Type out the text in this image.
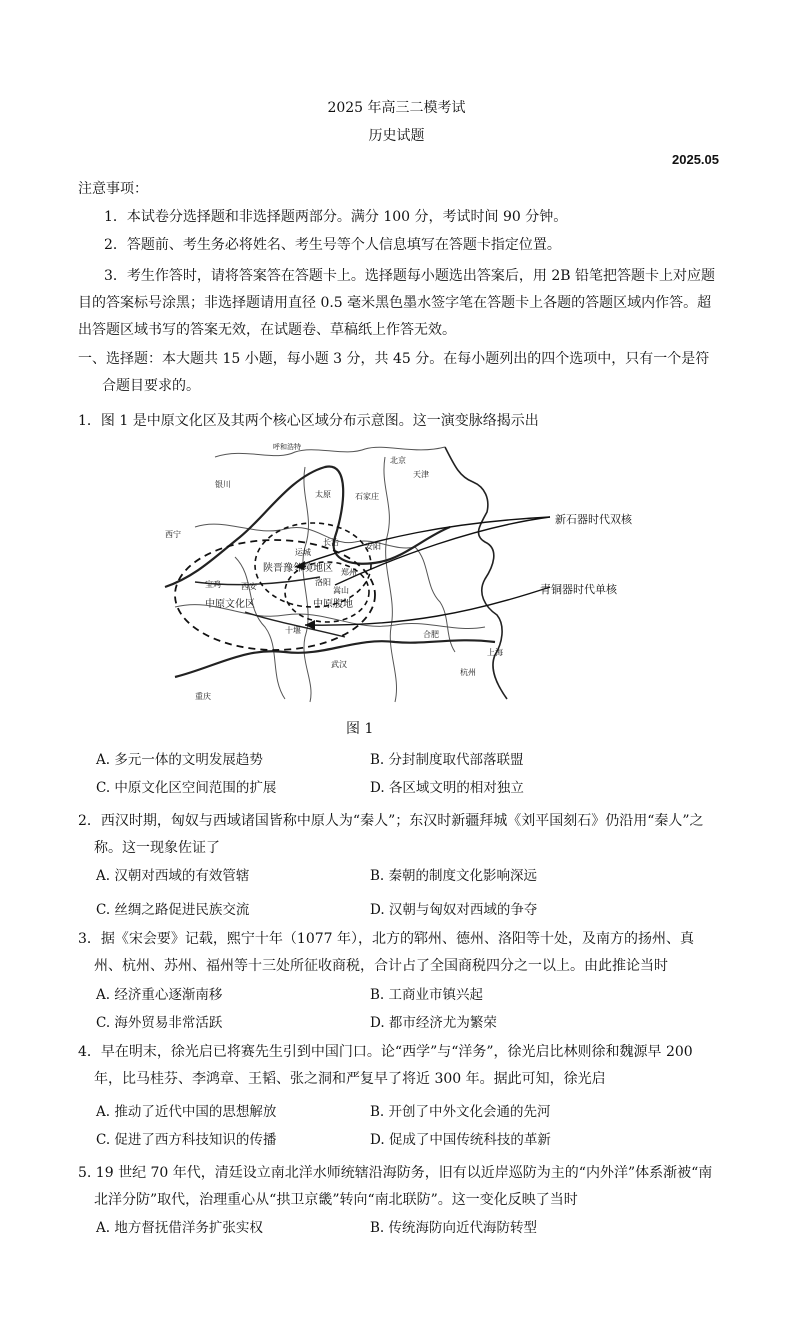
2025 年高三二模考试
历史试题
2025.05
注意事项：
1．本试卷分选择题和非选择题两部分。满分 100 分，考试时间 90 分钟。
2．答题前、考生务必将姓名、考生号等个人信息填写在答题卡指定位置。
3．考生作答时，请将答案答在答题卡上。选择题每小题选出答案后，用 2B 铅笔把答题卡上对应题目的答案标号涂黑；非选择题请用直径 0.5 毫米黑色墨水签字笔在答题卡上各题的答题区域内作答。超出答题区域书写的答案无效，在试题卷、草稿纸上作答无效。
一、选择题：本大题共 15 小题，每小题 3 分，共 45 分。在每小题列出的四个选项中，只有一个是符合题目要求的。
1．图 1 是中原文化区及其两个核心区域分布示意图。这一演变脉络揭示出
陕晋豫邻境地区
中原文化区	中原腹地
新石器时代双核
青铜器时代单核
呼和浩特
北京
天津
石家庄
太原
银川
西宁
长治	安阳
运城
洛阳
郑州
嵩山
宝鸡	西安
十堰	合肥
武汉
杭州
上海
重庆
图 1
A. 多元一体的文明发展趋势	B. 分封制度取代部落联盟
C. 中原文化区空间范围的扩展	D. 各区域文明的相对独立
2．西汉时期，匈奴与西域诸国皆称中原人为“秦人”；东汉时新疆拜城《刘平国刻石》仍沿用“秦人”之称。这一现象佐证了
A. 汉朝对西域的有效管辖	B. 秦朝的制度文化影响深远
C. 丝绸之路促进民族交流	D. 汉朝与匈奴对西域的争夺
3．据《宋会要》记载，熙宁十年（1077 年），北方的郓州、德州、洛阳等十处，及南方的扬州、真州、杭州、苏州、福州等十三处所征收商税，合计占了全国商税四分之一以上。由此推论当时
A. 经济重心逐渐南移	B. 工商业市镇兴起
C. 海外贸易非常活跃	D. 都市经济尤为繁荣
4．早在明末，徐光启已将赛先生引到中国门口。论“西学”与“洋务”，徐光启比林则徐和魏源早 200 年，比马桂芬、李鸿章、王韬、张之洞和严复早了将近 300 年。据此可知，徐光启
A. 推动了近代中国的思想解放	B. 开创了中外文化会通的先河
C. 促进了西方科技知识的传播	D. 促成了中国传统科技的革新
5. 19 世纪 70 年代，清廷设立南北洋水师统辖沿海防务，旧有以近岸巡防为主的“内外洋”体系渐被“南北洋分防”取代，治理重心从“拱卫京畿”转向“南北联防”。这一变化反映了当时
A. 地方督抚借洋务扩张实权	B. 传统海防向近代海防转型
